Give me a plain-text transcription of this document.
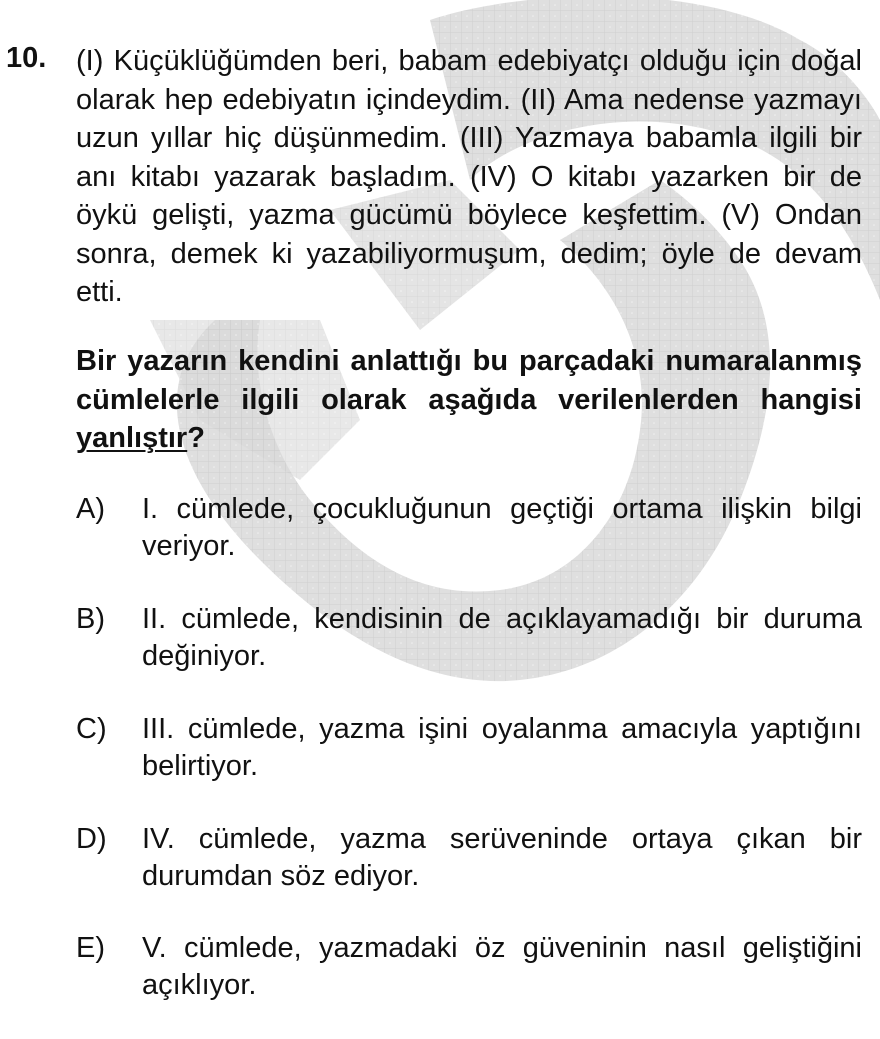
10. (I) Küçüklüğümden beri, babam edebiyatçı olduğu için doğal olarak hep edebiyatın içindeydim. (II) Ama nedense yazmayı uzun yıllar hiç düşünmedim. (III) Yazmaya babamla ilgili bir anı kitabı yazarak başladım. (IV) O kitabı yazarken bir de öykü gelişti, yazma gücümü böylece keşfettim. (V) Ondan sonra, demek ki yazabiliyormuşum, dedim; öyle de devam etti.
Bir yazarın kendini anlattığı bu parçadaki numaralanmış cümlelerle ilgili olarak aşağıda verilenlerden hangisi yanlıştır?
A) I. cümlede, çocukluğunun geçtiği ortama ilişkin bilgi veriyor.
B) II. cümlede, kendisinin de açıklayamadığı bir duruma değiniyor.
C) III. cümlede, yazma işini oyalanma amacıyla yaptığını belirtiyor.
D) IV. cümlede, yazma serüveninde ortaya çıkan bir durumdan söz ediyor.
E) V. cümlede, yazmadaki öz güveninin nasıl geliştiğini açıklıyor.
